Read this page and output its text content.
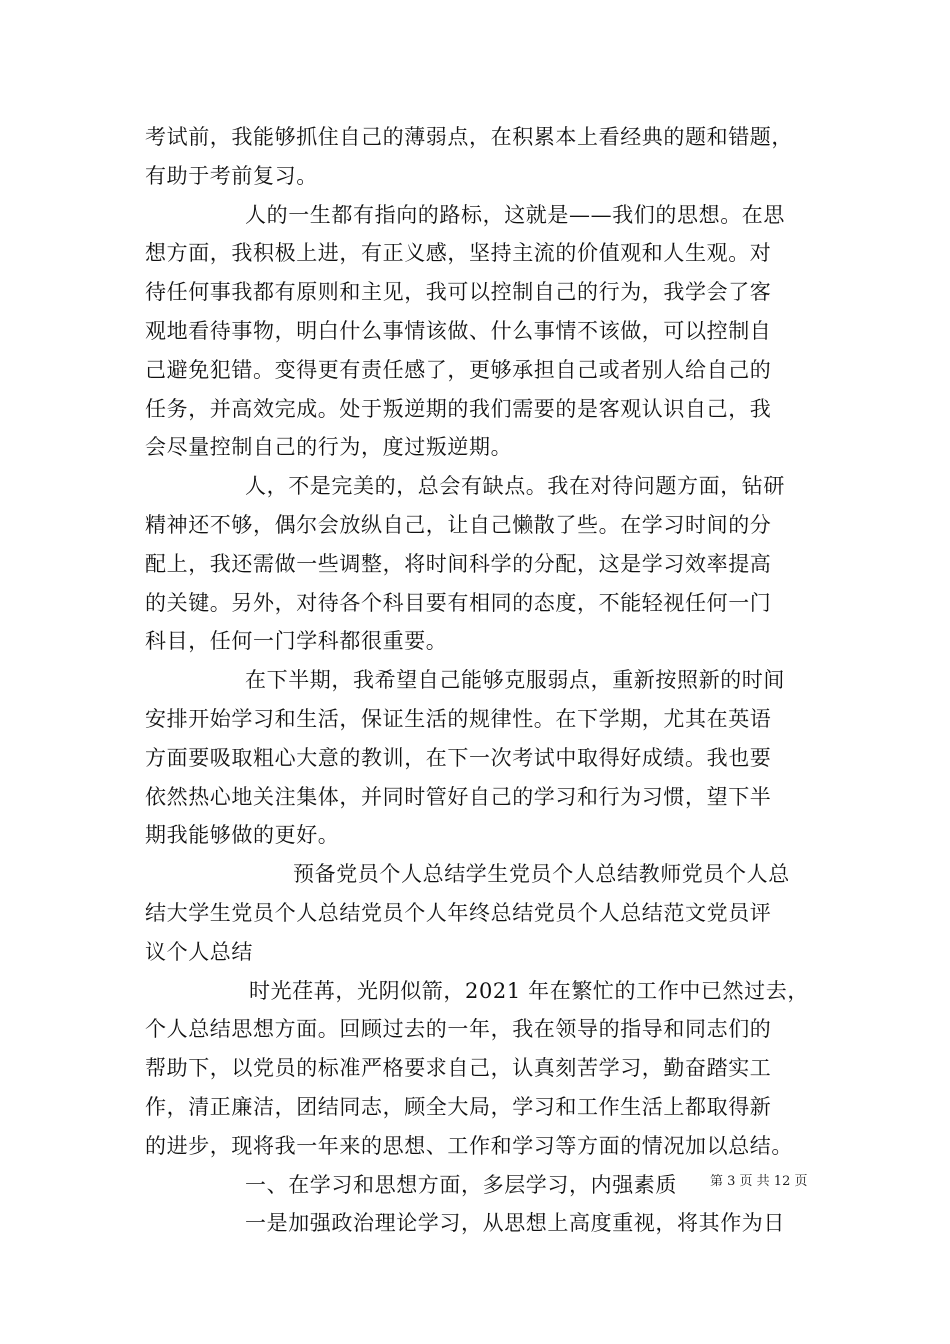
考试前，我能够抓住自己的薄弱点，在积累本上看经典的题和错题，
有助于考前复习。
人的一生都有指向的路标，这就是——我们的思想。在思
想方面，我积极上进，有正义感，坚持主流的价值观和人生观。对
待任何事我都有原则和主见，我可以控制自己的行为，我学会了客
观地看待事物，明白什么事情该做、什么事情不该做，可以控制自
己避免犯错。变得更有责任感了，更够承担自己或者别人给自己的
任务，并高效完成。处于叛逆期的我们需要的是客观认识自己，我
会尽量控制自己的行为，度过叛逆期。
人，不是完美的，总会有缺点。我在对待问题方面，钻研
精神还不够，偶尔会放纵自己，让自己懒散了些。在学习时间的分
配上，我还需做一些调整，将时间科学的分配，这是学习效率提高
的关键。另外，对待各个科目要有相同的态度，不能轻视任何一门
科目，任何一门学科都很重要。
在下半期，我希望自己能够克服弱点，重新按照新的时间
安排开始学习和生活，保证生活的规律性。在下学期，尤其在英语
方面要吸取粗心大意的教训，在下一次考试中取得好成绩。我也要
依然热心地关注集体，并同时管好自己的学习和行为习惯，望下半
期我能够做的更好。
预备党员个人总结学生党员个人总结教师党员个人总
结大学生党员个人总结党员个人年终总结党员个人总结范文党员评
议个人总结
时光荏苒，光阴似箭，2021 年在繁忙的工作中已然过去，
个人总结思想方面。回顾过去的一年，我在领导的指导和同志们的
帮助下，以党员的标准严格要求自己，认真刻苦学习，勤奋踏实工
作，清正廉洁，团结同志，顾全大局，学习和工作生活上都取得新
的进步，现将我一年来的思想、工作和学习等方面的情况加以总结。
一、在学习和思想方面，多层学习，内强素质
一是加强政治理论学习，从思想上高度重视，将其作为日
第 3 页 共 12 页
